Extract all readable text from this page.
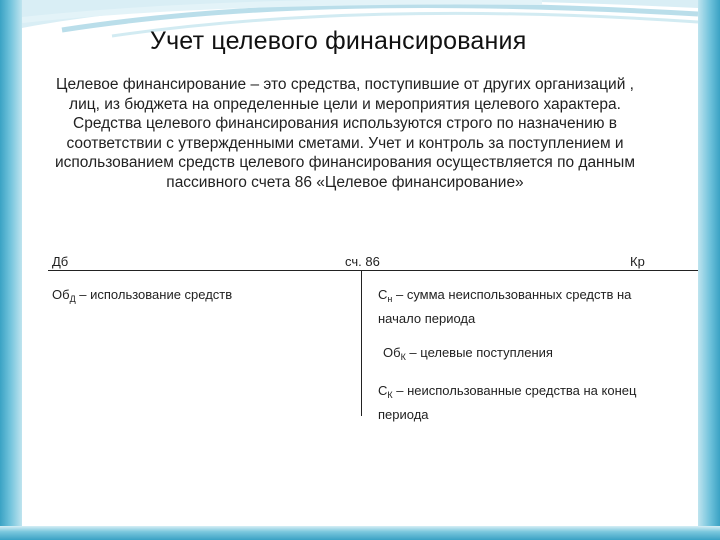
Учет целевого финансирования
Целевое финансирование – это средства, поступившие от других организаций , лиц, из бюджета на определенные цели и мероприятия целевого характера. Средства целевого финансирования используются строго по назначению в соответствии с утвержденными сметами. Учет и контроль за поступлением и использованием средств целевого финансирования осуществляется по данным пассивного счета 86 «Целевое финансирование»
Дб	сч. 86	Кр
$Об_Д$ – использование средств	$С_н$ – сумма неиспользованных средств на начало периода
$Об_К$ – целевые поступления
$С_К$ – неиспользованные средства на конец периода
